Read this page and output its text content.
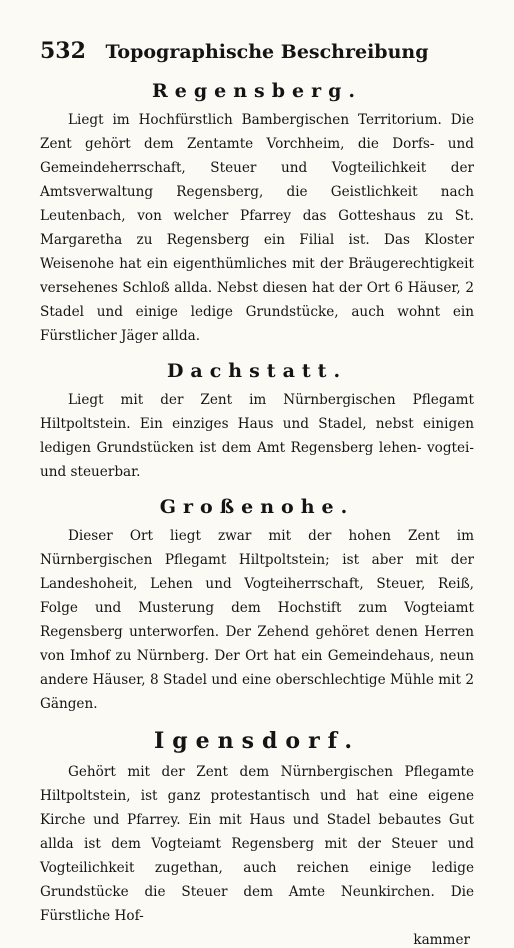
532	Topographische Beschreibung
Regensberg.

Liegt im Hochfürstlich Bambergischen Territorium. Die Zent gehört dem Zentamte Vorchheim, die Dorfs- und Gemeindeherrschaft, Steuer und Vogteilichkeit der Amtsverwaltung Regensberg, die Geistlichkeit nach Leutenbach, von welcher Pfarrey das Gotteshaus zu St. Margaretha zu Regensberg ein Filial ist. Das Kloster Weisenohe hat ein eigenthümliches mit der Bräugerechtigkeit versehenes Schloß allda. Nebst diesen hat der Ort 6 Häuser, 2 Stadel und einige ledige Grundstücke, auch wohnt ein Fürstlicher Jäger allda.

Dachstatt.

Liegt mit der Zent im Nürnbergischen Pflegamt Hiltpoltstein. Ein einziges Haus und Stadel, nebst einigen ledigen Grundstücken ist dem Amt Regensberg lehen- vogtei- und steuerbar.

Großenohe.

Dieser Ort liegt zwar mit der hohen Zent im Nürnbergischen Pflegamt Hiltpoltstein; ist aber mit der Landeshoheit, Lehen und Vogteiherrschaft, Steuer, Reiß, Folge und Musterung dem Hochstift zum Vogteiamt Regensberg unterworfen. Der Zehend gehöret denen Herren von Imhof zu Nürnberg. Der Ort hat ein Gemeindehaus, neun andere Häuser, 8 Stadel und eine oberschlechtige Mühle mit 2 Gängen.

Igensdorf.

Gehört mit der Zent dem Nürnbergischen Pflegamte Hiltpoltstein, ist ganz protestantisch und hat eine eigene Kirche und Pfarrey. Ein mit Haus und Stadel bebautes Gut allda ist dem Vogteiamt Regensberg mit der Steuer und Vogteilichkeit zugethan, auch reichen einige ledige Grundstücke die Steuer dem Amte Neunkirchen. Die Fürstliche Hof-

kammer
